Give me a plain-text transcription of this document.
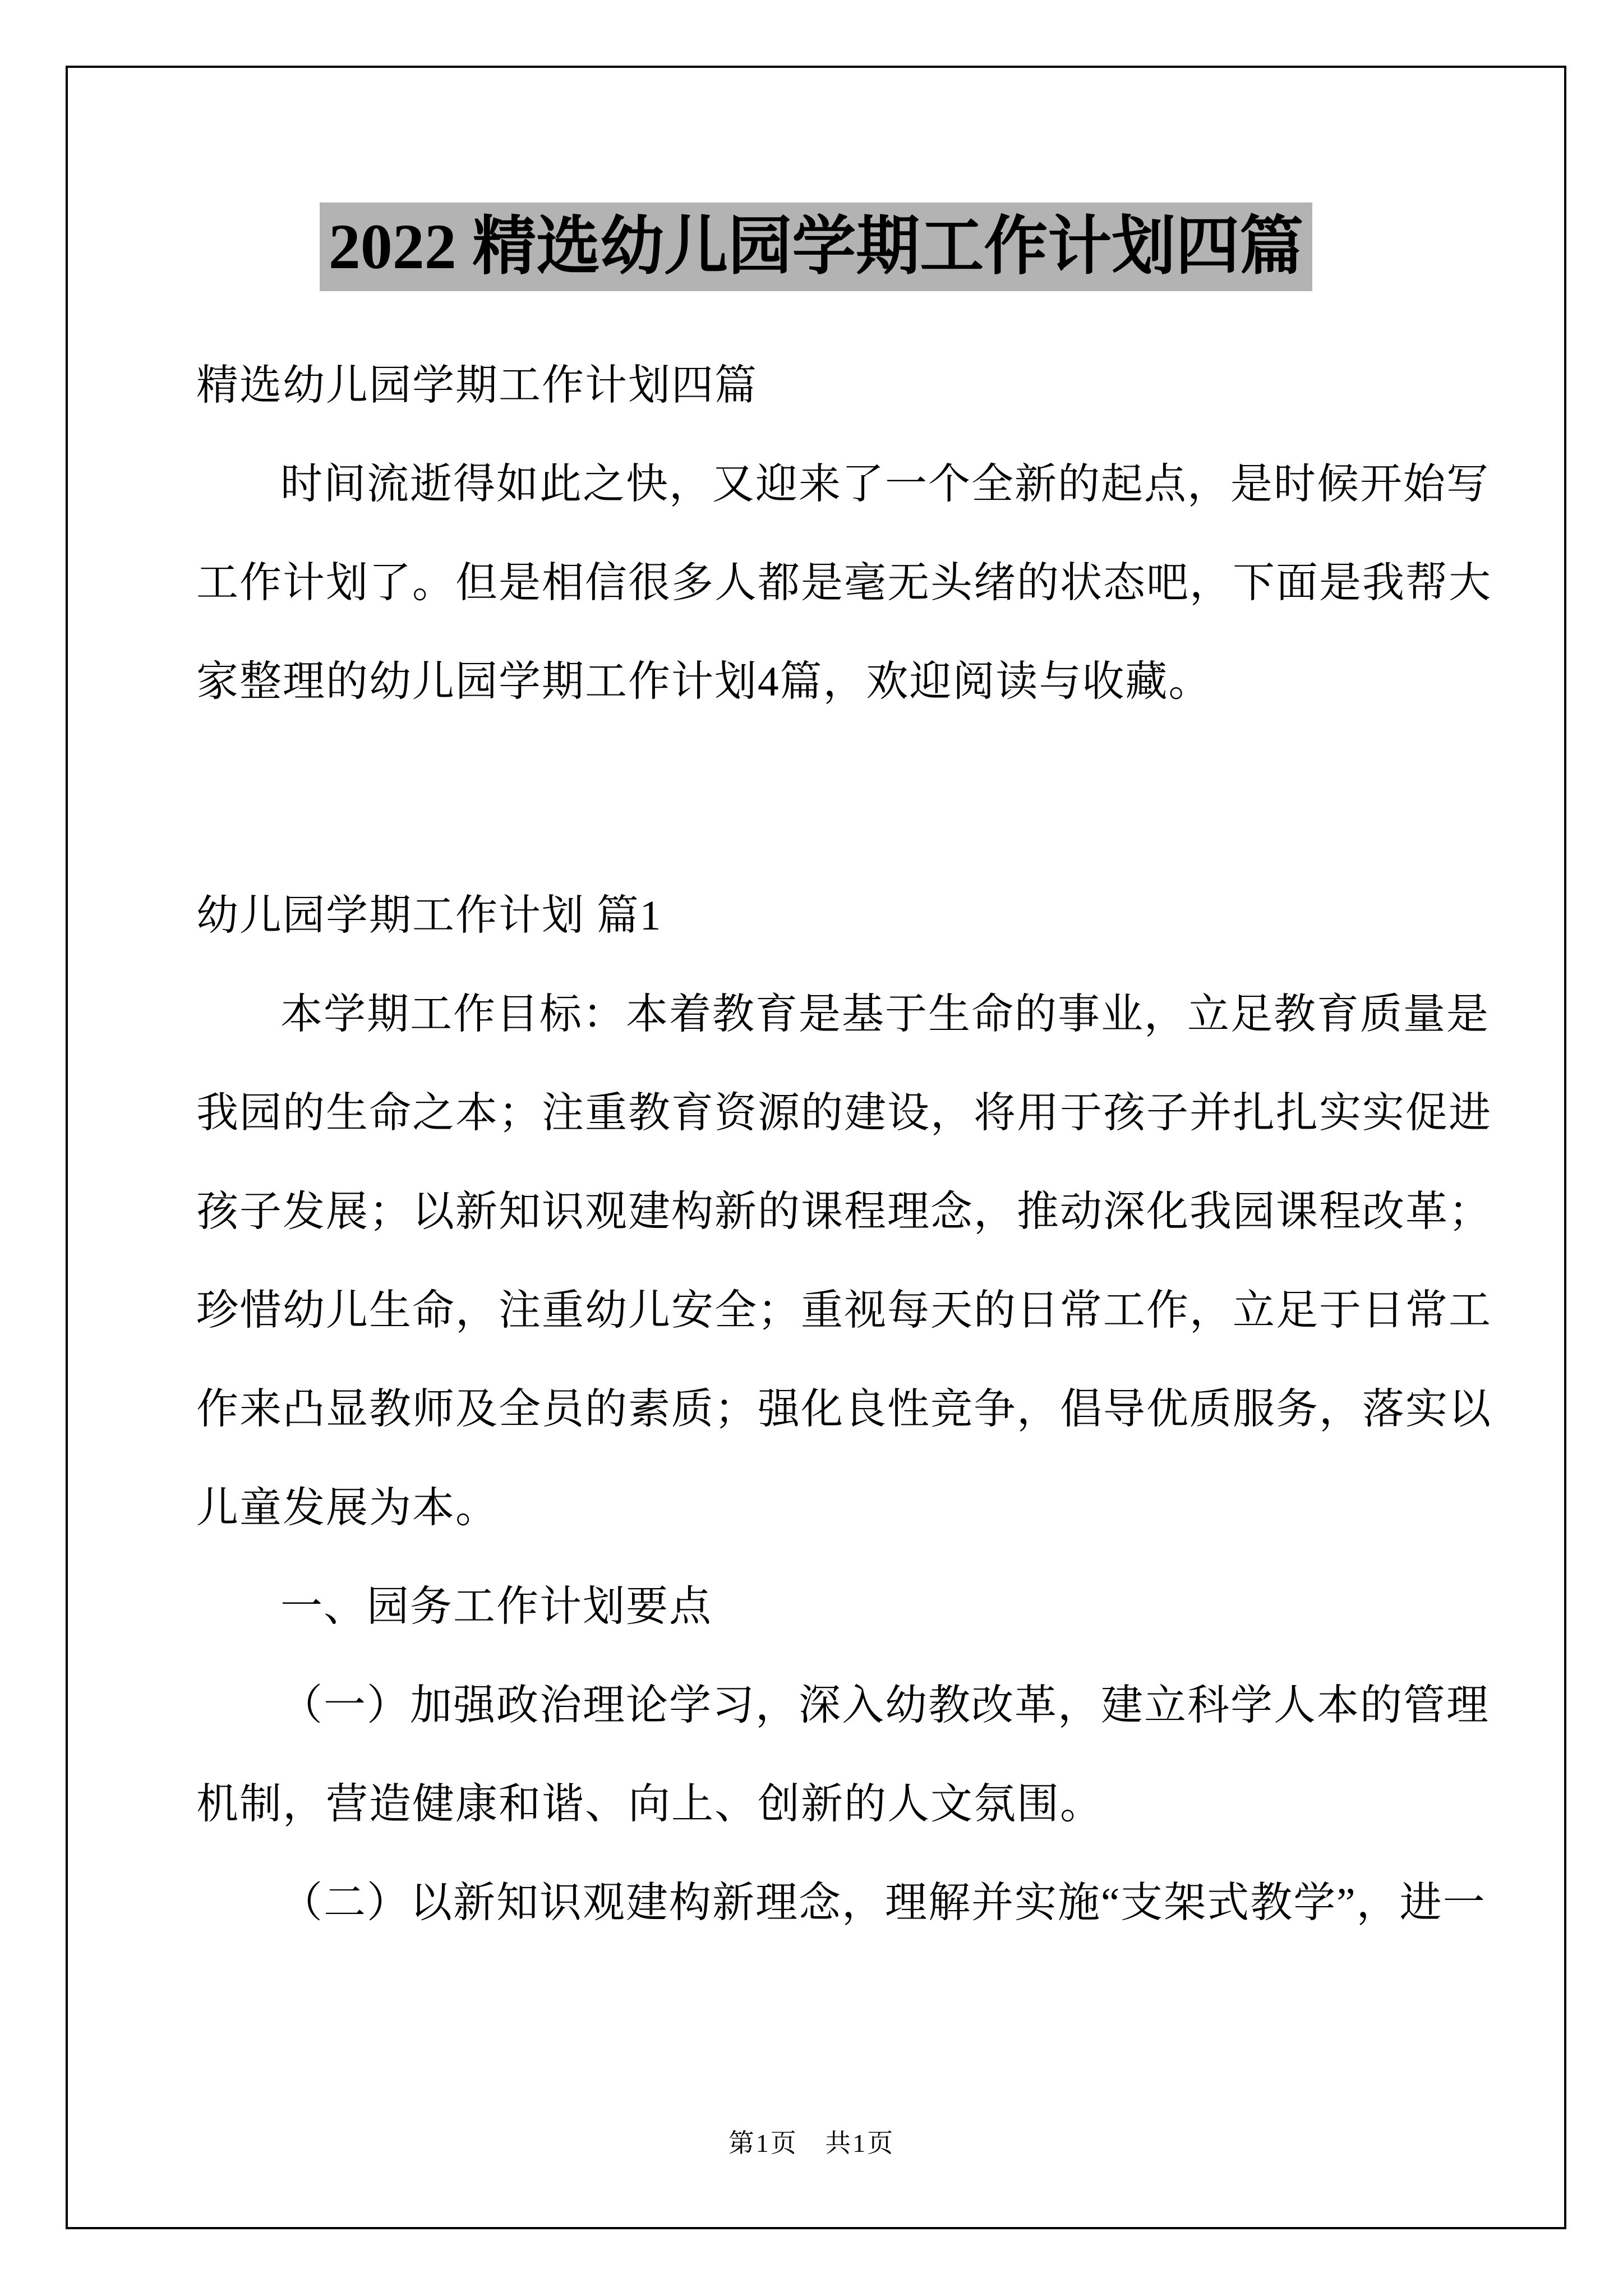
2022 精选幼儿园学期工作计划四篇
精选幼儿园学期工作计划四篇
时间流逝得如此之快，又迎来了一个全新的起点，是时候开始写
工作计划了。但是相信很多人都是毫无头绪的状态吧，下面是我帮大
家整理的幼儿园学期工作计划4篇，欢迎阅读与收藏。
幼儿园学期工作计划 篇1
本学期工作目标：本着教育是基于生命的事业，立足教育质量是
我园的生命之本；注重教育资源的建设，将用于孩子并扎扎实实促进
孩子发展；以新知识观建构新的课程理念，推动深化我园课程改革；
珍惜幼儿生命，注重幼儿安全；重视每天的日常工作，立足于日常工
作来凸显教师及全员的素质；强化良性竞争，倡导优质服务，落实以
儿童发展为本。
一、园务工作计划要点
（一）加强政治理论学习，深入幼教改革，建立科学人本的管理
机制，营造健康和谐、向上、创新的人文氛围。
（二）以新知识观建构新理念，理解并实施“支架式教学”，进一
第1页 共1页
